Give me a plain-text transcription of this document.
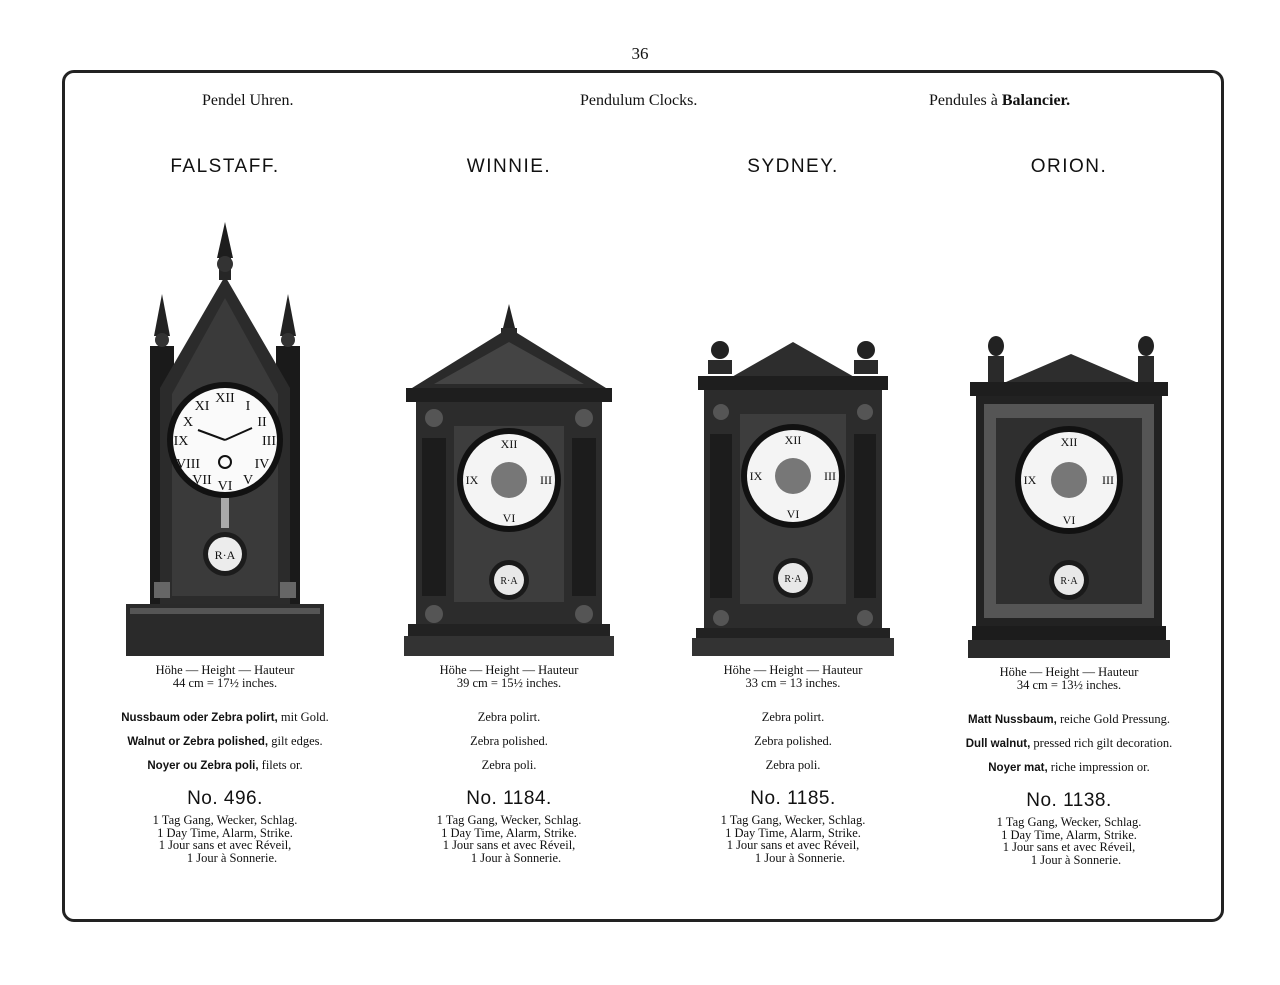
36
Pendel Uhren.	Pendulum Clocks.	Pendules à Balancier.
FALSTAFF.
XII
VI
IX	III
I
II
IV
V
VII
VIII
X
XI
R·A
Höhe — Height — Hauteur
44 cm = 17½ inches.
Nussbaum oder Zebra polirt, mit Gold.
Walnut or Zebra polished, gilt edges.
Noyer ou Zebra poli, filets or.
No. 496.
1 Tag Gang, Wecker, Schlag.
1 Day Time, Alarm, Strike.
1 Jour sans et avec Réveil,
1 Jour à Sonnerie.
WINNIE.
XII
VI
IX	III
R·A
Höhe — Height — Hauteur
39 cm = 15½ inches.
Zebra polirt.
Zebra polished.
Zebra poli.
No. 1184.
1 Tag Gang, Wecker, Schlag.
1 Day Time, Alarm, Strike.
1 Jour sans et avec Réveil,
1 Jour à Sonnerie.
SYDNEY.
XII
VI
IX	III
R·A
Höhe — Height — Hauteur
33 cm = 13 inches.
Zebra polirt.
Zebra polished.
Zebra poli.
No. 1185.
1 Tag Gang, Wecker, Schlag.
1 Day Time, Alarm, Strike.
1 Jour sans et avec Réveil,
1 Jour à Sonnerie.
ORION.
XII
VI
IX	III
R·A
Höhe — Height — Hauteur
34 cm = 13½ inches.
Matt Nussbaum, reiche Gold Pressung.
Dull walnut, pressed rich gilt decoration.
Noyer mat, riche impression or.
No. 1138.
1 Tag Gang, Wecker, Schlag.
1 Day Time, Alarm, Strike.
1 Jour sans et avec Réveil,
1 Jour à Sonnerie.
